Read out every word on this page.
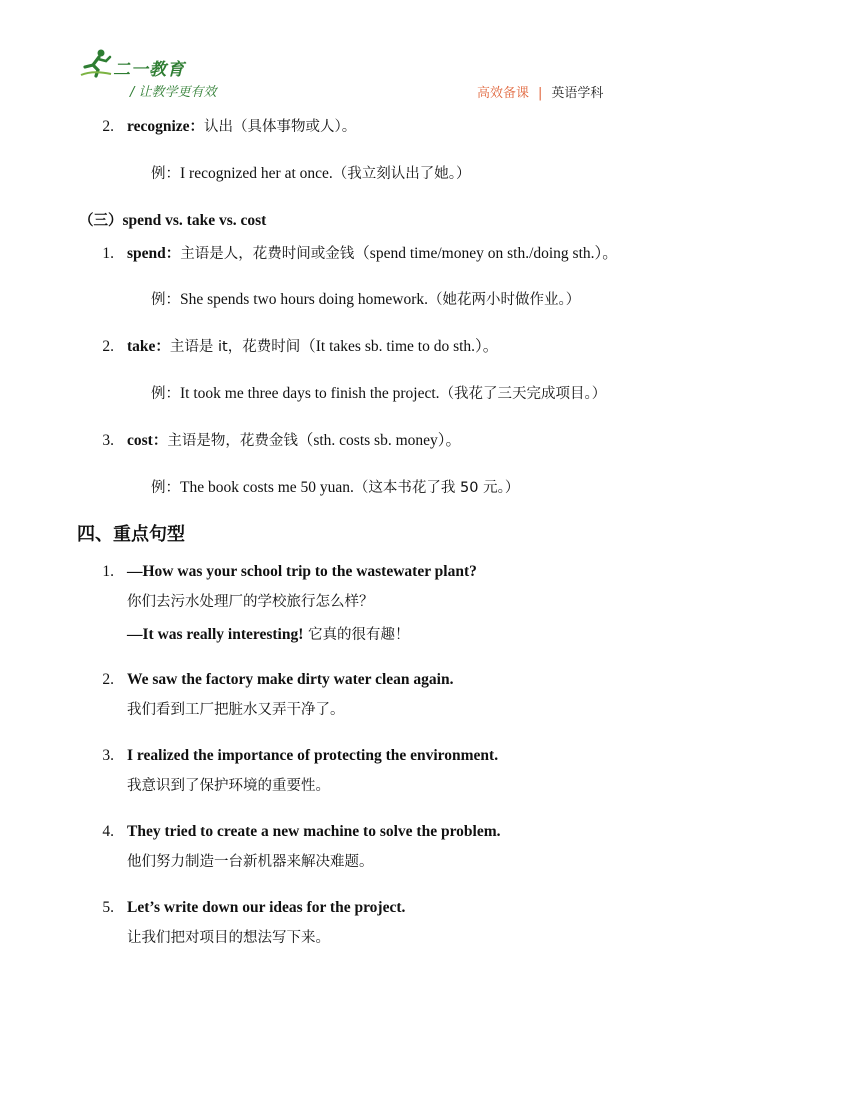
二一教育
/ 让教学更有效	高效备课 | 英语学科
2. recognize：认出（具体事物或人）。
例：I recognized her at once.（我立刻认出了她。）
（三）spend vs. take vs. cost
1. spend：主语是人，花费时间或金钱（spend time/money on sth./doing sth.）。
例：She spends two hours doing homework.（她花两小时做作业。）
2. take：主语是 it，花费时间（It takes sb. time to do sth.）。
例：It took me three days to finish the project.（我花了三天完成项目。）
3. cost：主语是物，花费金钱（sth. costs sb. money）。
例：The book costs me 50 yuan.（这本书花了我 50 元。）
四、重点句型
1. —How was your school trip to the wastewater plant?
你们去污水处理厂的学校旅行怎么样？
—It was really interesting! 它真的很有趣！
2. We saw the factory make dirty water clean again.
我们看到工厂把脏水又弄干净了。
3. I realized the importance of protecting the environment.
我意识到了保护环境的重要性。
4. They tried to create a new machine to solve the problem.
他们努力制造一台新机器来解决难题。
5. Let’s write down our ideas for the project.
让我们把对项目的想法写下来。
